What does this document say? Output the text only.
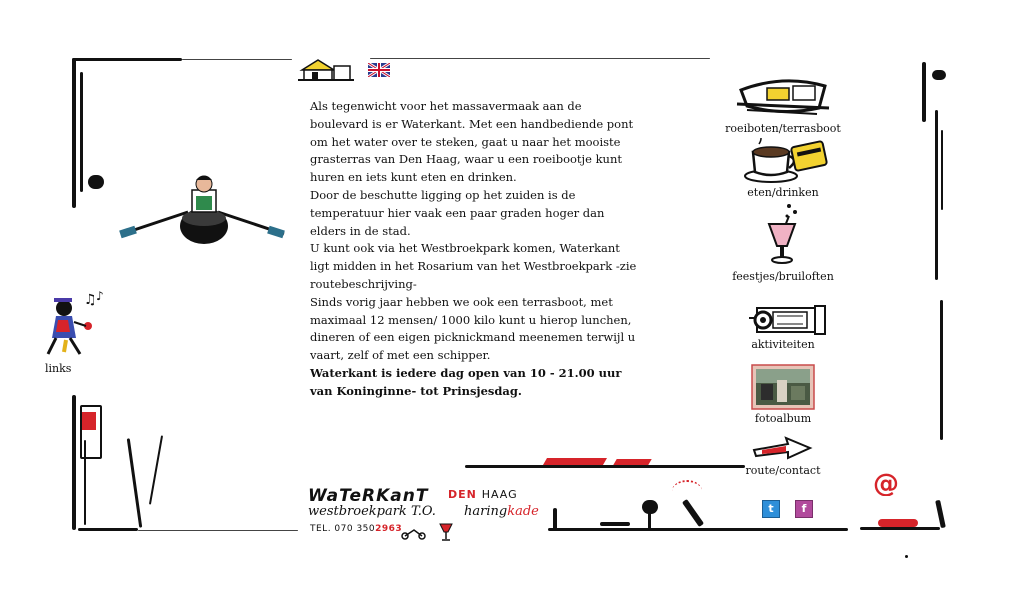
♫ ♪
links

Als tegenwicht voor het massavermaak aan de boulevard is er Waterkant. Met een handbediende pont om het water over te steken, gaat u naar het mooiste grasterras van Den Haag, waar u een roeibootje kunt huren en iets kunt eten en drinken.

Door de beschutte ligging op het zuiden is de temperatuur hier vaak een paar graden hoger dan elders in de stad.

U kunt ook via het Westbroekpark komen, Waterkant ligt midden in het Rosarium van het Westbroekpark -zie routebeschrijving-

Sinds vorig jaar hebben we ook een terrasboot, met maximaal 12 mensen/ 1000 kilo kunt u hierop lunchen, dineren of een eigen picknickmand meenemen terwijl u vaart, zelf of met een schipper.

Waterkant is iedere dag open van 10 - 21.00 uur van Koninginne- tot Prinsjesdag.

roeiboten/terrasboot
eten/drinken
feestjes/bruiloften
aktiviteiten
fotoalbum
route/contact	@
t	f
WaTeRKanT DEN HAAG
westbroekpark T.O. haringkade
TEL. 070 3502963
